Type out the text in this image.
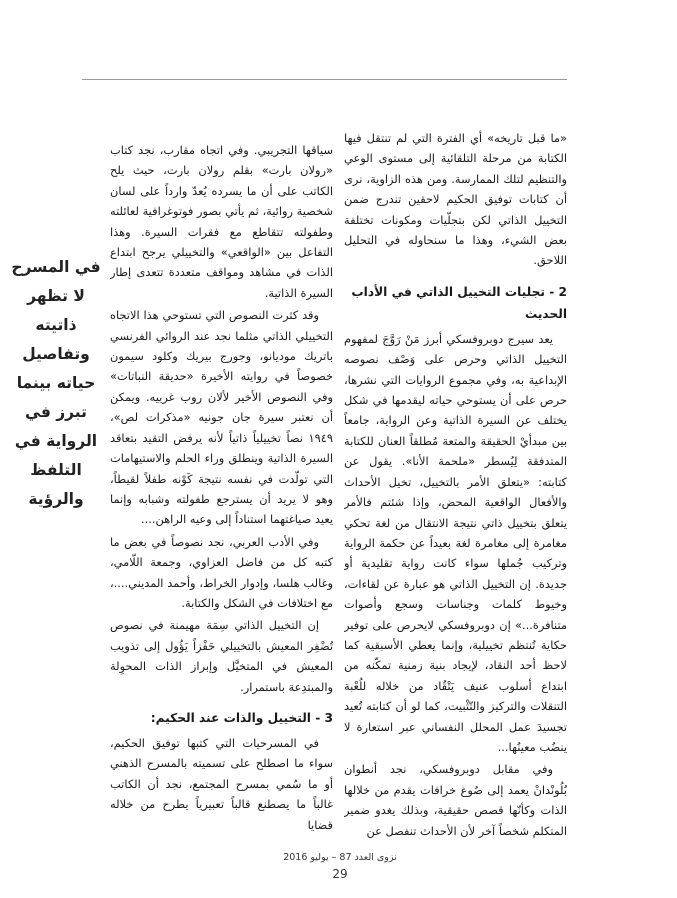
«ما قبل تاريخه» أي الفترة التي لم تنتقل فيها الكتابة من مرحلة التلقائية إلى مستوى الوعي والتنظيم لتلك الممارسة. ومن هذه الزاوية، نرى أن كتابات توفيق الحكيم لاحقين تندرج ضمن التخييل الذاتي لكن بتجلّيات ومكونات تختلفة بعض الشيء، وهذا ما سنحاوله في التحليل اللاحق.

2 - تجليات التخييل الذاتي في الأداب الحديث

يعد سيرج دوبروفسكي أبرز مَنْ رَوَّجَ لمفهوم التخييل الذاتي وحرص على وَصْف نصوصه الإبداعية به، وفي مجموع الروايات التي نشرها، حرص على أن يستوحي حياته ليقدمها في شكل يختلف عن السيرة الذاتية وعن الرواية، جامعاً بين مبدأيْ الحقيقة والمتعة مُطلقاً العنان للكتابة المتدفقة لِيُسطر «ملحمة الأنا». يقول عن كتابته: «يتعلق الأمر بالتخييل، تخيل الأحداث والأفعال الواقعية المحض، وإذا شئتم فالأمر يتعلق بتخييل ذاتي نتيجة الانتقال من لغة تحكي مغامرة إلى مغامرة لغة بعيداً عن حكمة الرواية وتركيب جُملها سواء كانت رواية تقليدية أو جديدة. إن التخييل الذاتي هو عبارة عن لقاءات، وخيوط كلمات وجناسات وسجع وأصوات متنافرة...» إن دوبروفسكي لايحرص على توفير حكاية تُنتظم تخييلية، وإنما يعطي الأسبقية كما لاحظ أحد النقاد، لإيجاد بنية زمنية تمكّنه من ابتداع أسلوب عنيف يَتْقُاد من خلاله للُعْبة التنقلات والتركيز والتّثْبيت، كما لو أن كتابته تُعيد تجسيدَ عمل المحلل النفساني عبر استعارة لا ينضُب معينُها...

وفي مقابل دوبروفسكي، نجد أنطوان بُلُونْدانْ يعمد إلى صُوغ خرافات يقدم من خلالها الذات وكأنّها قصص حقيقية، وبذلك يغدو ضمير المتكلم شخصاً آخر لأن الأحداث تنفصل عن

سياقها التجريبي. وفي اتجاه مقارب، نجد كتاب «رولان بارت» بقلم رولان بارت، حيث يلح الكاتب على أن ما يسرده يُعدّ وارداً على لسان شخصية روائية، ثم يأتي بصور فوتوغرافية لعائلته وطفولته تتقاطع مع فقرات السيرة. وهذا التفاعل بين «الواقعي» والتخييلي يرجح ابتداع الذات في مشاهد ومواقف متعددة تتعدى إطار السيرة الذاتية.

وقد كثرت النصوص التي تستوحي هذا الاتجاه التخييلي الذاتي مثلما نجد عند الروائي الفرنسي باتريك موديانو، وجورج بيريك وكلود سيمون خصوصاً في روايته الأخيرة «حديقة النباتات» وفي النصوص الأخير لألان روب غرييه. ويمكن أن نعتبر سيرة جان جونيه «مذكرات لص»، ١٩٤٩ نصاً تخييلياً ذاتياً لأنه يرفض التقيد بتعاقد السيرة الذاتية وينطلق وراء الحلم والاستيهامات التي تولّدت في نفسه نتيجة كَوْنه طفلاً لقيطاً، وهو لا يريد أن يسترجع طفولته وشبابه وإنما يعيد صياغتهما استناداً إلى وعيه الراهن....

وفي الأدب العربي، نجد نصوصاً في بعض ما كتبه كل من فاضل العزاوي، وجمعة اللّامي، وغالب هلسا، وإدوار الخراط، وأحمد المديني....، مع اختلافات في الشكل والكتابة.

إن التخييل الذاتي سِمَة مهيمنة في نصوص تُضْفِر المعيش بالتخييلي حَفْزاً يَؤُول إلى تذويب المعيش في المتخيَّل وإبراز الذات المحوِلة والمبتدِعة باستمرار.

3 - التخييل والذات عند الحكيم:

في المسرحيات التي كتبها توفيق الحكيم، سواء ما اصطلح على تسميته بالمسرح الذهني أو ما سُمي بمسرح المجتمع، نجد أن الكاتب غالباً ما يصطنع قالباً تعبيرياً يطرح من خلاله قضايا

في المسرح لا تظهر ذاتيته وتفاصيل حياته بينما تبرز في الرواية في التلفظ والرؤية
نزوى العدد 87 – يوليو 2016
29
